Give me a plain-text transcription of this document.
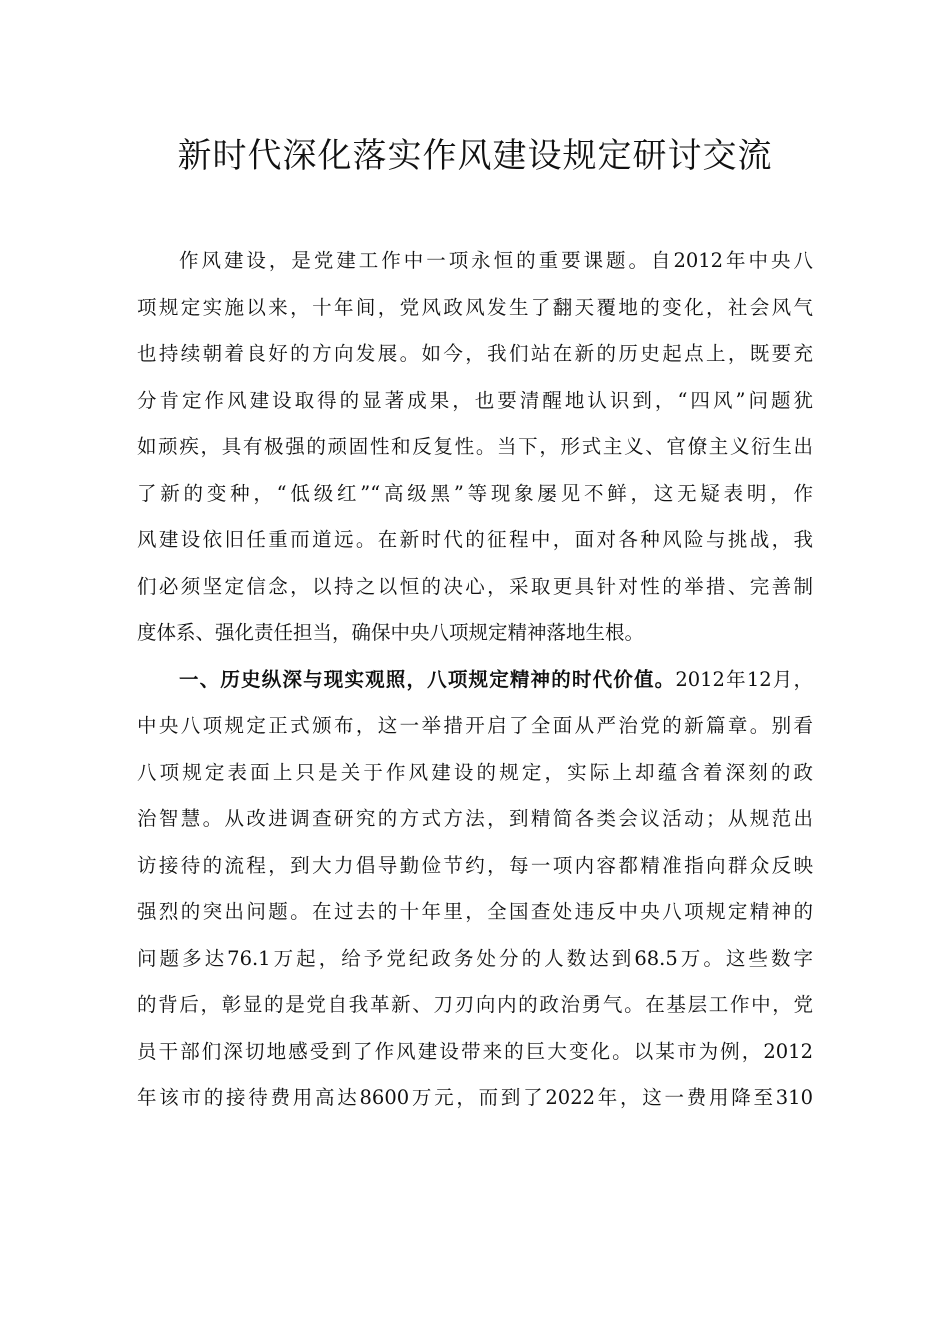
新时代深化落实作风建设规定研讨交流
作风建设，是党建工作中一项永恒的重要课题。自2012年中央八
项规定实施以来，十年间，党风政风发生了翻天覆地的变化，社会风气
也持续朝着良好的方向发展。如今，我们站在新的历史起点上，既要充
分肯定作风建设取得的显著成果，也要清醒地认识到，“四风”问题犹
如顽疾，具有极强的顽固性和反复性。当下，形式主义、官僚主义衍生出
了新的变种，“低级红”“高级黑”等现象屡见不鲜，这无疑表明，作
风建设依旧任重而道远。在新时代的征程中，面对各种风险与挑战，我
们必须坚定信念，以持之以恒的决心，采取更具针对性的举措、完善制
度体系、强化责任担当，确保中央八项规定精神落地生根。
一、历史纵深与现实观照，八项规定精神的时代价值。2012年12月，
中央八项规定正式颁布，这一举措开启了全面从严治党的新篇章。别看
八项规定表面上只是关于作风建设的规定，实际上却蕴含着深刻的政
治智慧。从改进调查研究的方式方法，到精简各类会议活动；从规范出
访接待的流程，到大力倡导勤俭节约，每一项内容都精准指向群众反映
强烈的突出问题。在过去的十年里，全国查处违反中央八项规定精神的
问题多达76.1万起，给予党纪政务处分的人数达到68.5万。这些数字
的背后，彰显的是党自我革新、刀刃向内的政治勇气。在基层工作中，党
员干部们深切地感受到了作风建设带来的巨大变化。以某市为例，2012
年该市的接待费用高达8600万元，而到了2022年，这一费用降至310
